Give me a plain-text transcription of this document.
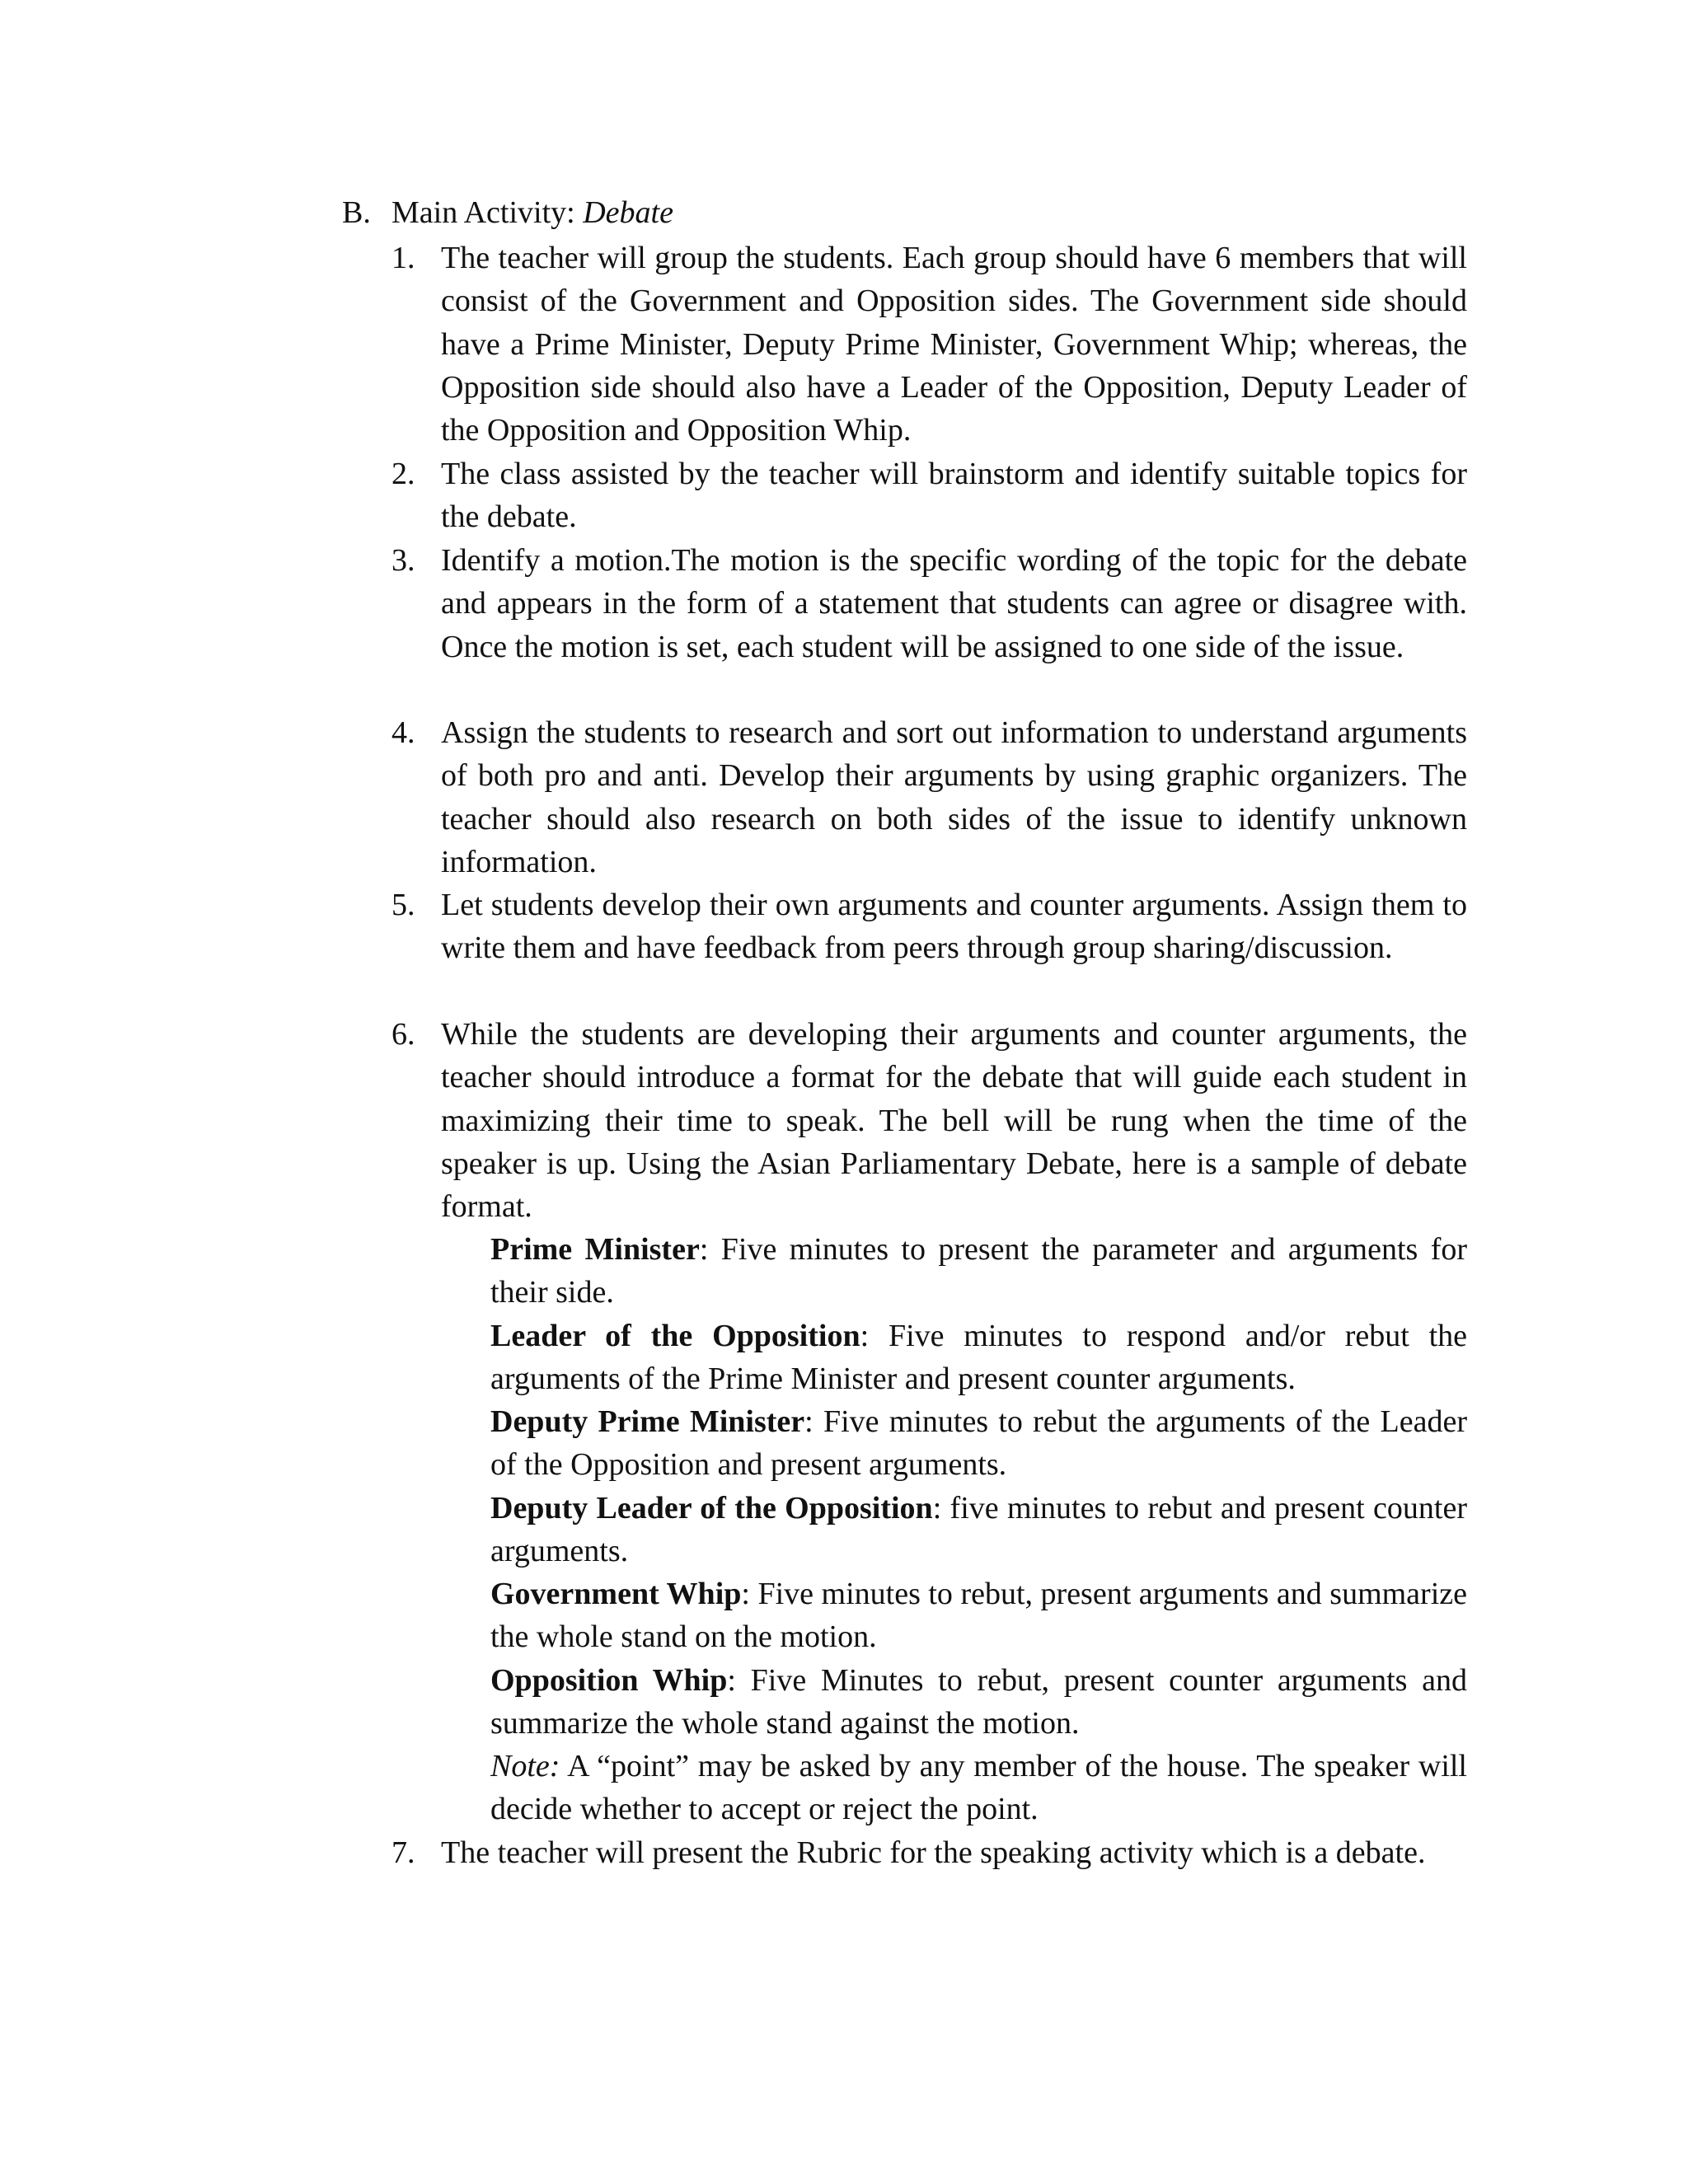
B. Main Activity: Debate
1. The teacher will group the students. Each group should have 6 members that will consist of the Government and Opposition sides. The Government side should have a Prime Minister, Deputy Prime Minister, Government Whip; whereas, the Opposition side should also have a Leader of the Opposition, Deputy Leader of the Opposition and Opposition Whip.
2. The class assisted by the teacher will brainstorm and identify suitable topics for the debate.
3. Identify a motion.The motion is the specific wording of the topic for the debate and appears in the form of a statement that students can agree or disagree with. Once the motion is set, each student will be assigned to one side of the issue.
4. Assign the students to research and sort out information to understand arguments of both pro and anti. Develop their arguments by using graphic organizers. The teacher should also research on both sides of the issue to identify unknown information.
5. Let students develop their own arguments and counter arguments. Assign them to write them and have feedback from peers through group sharing/discussion.
6. While the students are developing their arguments and counter arguments, the teacher should introduce a format for the debate that will guide each student in maximizing their time to speak. The bell will be rung when the time of the speaker is up. Using the Asian Parliamentary Debate, here is a sample of debate format.
Prime Minister: Five minutes to present the parameter and arguments for their side.
Leader of the Opposition: Five minutes to respond and/or rebut the arguments of the Prime Minister and present counter arguments.
Deputy Prime Minister: Five minutes to rebut the arguments of the Leader of the Opposition and present arguments.
Deputy Leader of the Opposition: five minutes to rebut and present counter arguments.
Government Whip: Five minutes to rebut, present arguments and summarize the whole stand on the motion.
Opposition Whip: Five Minutes to rebut, present counter arguments and summarize the whole stand against the motion.
Note: A “point” may be asked by any member of the house. The speaker will decide whether to accept or reject the point.
7. The teacher will present the Rubric for the speaking activity which is a debate.
